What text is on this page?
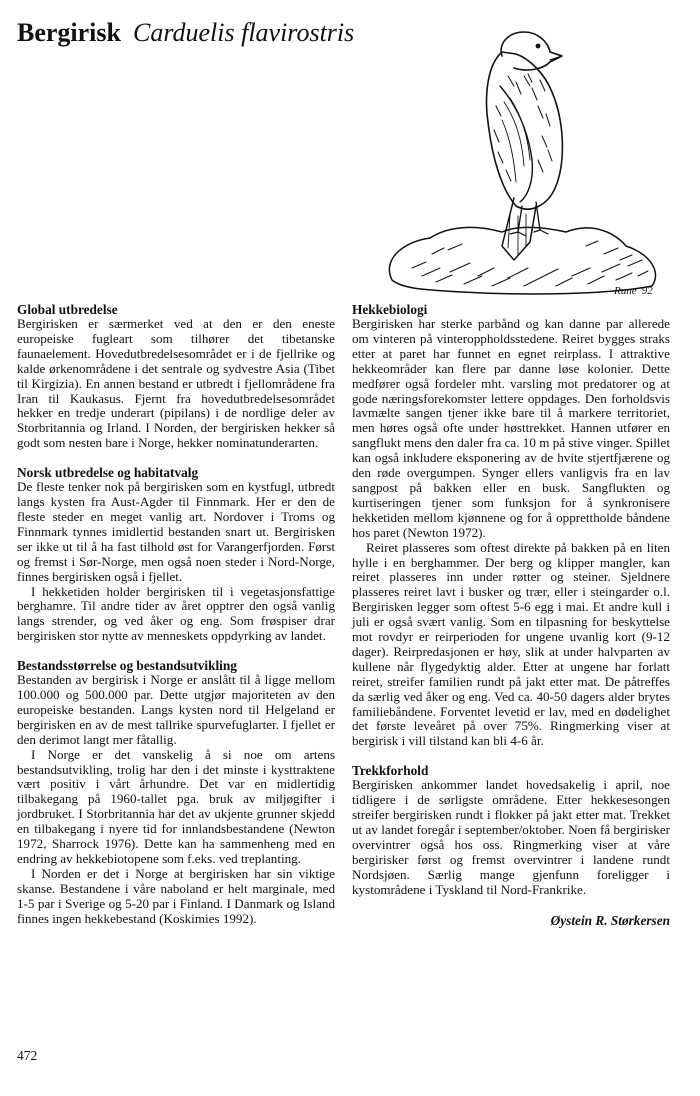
Bergirisk Carduelis flavirostris
Rune '92
Global utbredelse

Bergirisken er særmerket ved at den er den eneste europeiske fugleart som tilhører det tibetanske faunaelement. Hovedutbredelsesområdet er i de fjellrike og kalde ørkenområdene i det sentrale og sydvestre Asia (Tibet til Kirgizia). En annen bestand er utbredt i fjellområdene fra Iran til Kaukasus. Fjernt fra hovedutbredelsesområdet hekker en tredje underart (pipilans) i de nordlige deler av Storbritannia og Irland. I Norden, der bergirisken hekker så godt som nesten bare i Norge, hekker nominatunderarten.

Norsk utbredelse og habitatvalg

De fleste tenker nok på bergirisken som en kystfugl, utbredt langs kysten fra Aust-Agder til Finnmark. Her er den de fleste steder en meget vanlig art. Nordover i Troms og Finnmark tynnes imidlertid bestanden snart ut. Bergirisken ser ikke ut til å ha fast tilhold øst for Varangerfjorden. Først og fremst i Sør-Norge, men også noen steder i Nord-Norge, finnes bergirisken også i fjellet.

I hekketiden holder bergirisken til i vegetasjonsfattige berghamre. Til andre tider av året opptrer den også vanlig langs strender, og ved åker og eng. Som frøspiser drar bergirisken stor nytte av menneskets oppdyrking av landet.

Bestandsstørrelse og bestandsutvikling

Bestanden av bergirisk i Norge er anslått til å ligge mellom 100.000 og 500.000 par. Dette utgjør majoriteten av den europeiske bestanden. Langs kysten nord til Helgeland er bergirisken en av de mest tallrike spurvefuglarter. I fjellet er den derimot langt mer fåtallig.

I Norge er det vanskelig å si noe om artens bestandsutvikling, trolig har den i det minste i kysttraktene vært positiv i vårt århundre. Det var en midlertidig tilbakegang på 1960-tallet pga. bruk av miljøgifter i jordbruket. I Storbritannia har det av ukjente grunner skjedd en tilbakegang i nyere tid for innlandsbestandene (Newton 1972, Sharrock 1976). Dette kan ha sammenheng med en endring av hekkebiotopene som f.eks. ved treplanting.

I Norden er det i Norge at bergirisken har sin viktige skanse. Bestandene i våre naboland er helt marginale, med 1-5 par i Sverige og 5-20 par i Finland. I Danmark og Island finnes ingen hekkebestand (Koskimies 1992).

Hekkebiologi

Bergirisken har sterke parbånd og kan danne par allerede om vinteren på vinteroppholdsstedene. Reiret bygges straks etter at paret har funnet en egnet reirplass. I attraktive hekkeområder kan flere par danne løse kolonier. Dette medfører også fordeler mht. varsling mot predatorer og at gode næringsforekomster lettere oppdages. Den forholdsvis lavmælte sangen tjener ikke bare til å markere territoriet, men høres også ofte under høsttrekket. Hannen utfører en sangflukt mens den daler fra ca. 10 m på stive vinger. Spillet kan også inkludere eksponering av de hvite stjertfjærene og den røde overgumpen. Synger ellers vanligvis fra en lav sangpost på bakken eller en busk. Sangflukten og kurtiseringen tjener som funksjon for å synkronisere hekketiden mellom kjønnene og for å opprettholde båndene hos paret (Newton 1972).

Reiret plasseres som oftest direkte på bakken på en liten hylle i en berghammer. Der berg og klipper mangler, kan reiret plasseres inn under røtter og steiner. Sjeldnere plasseres reiret lavt i busker og trær, eller i steingarder o.l. Bergirisken legger som oftest 5-6 egg i mai. Et andre kull i juli er også svært vanlig. Som en tilpasning for beskyttelse mot rovdyr er reirperioden for ungene uvanlig kort (9-12 dager). Reirpredasjonen er høy, slik at under halvparten av kullene når flygedyktig alder. Etter at ungene har forlatt reiret, streifer familien rundt på jakt etter mat. De påtreffes da særlig ved åker og eng. Ved ca. 40-50 dagers alder brytes familiebåndene. Forventet levetid er lav, med en dødelighet det første leveåret på over 75%. Ringmerking viser at bergirisk i vill tilstand kan bli 4-6 år.

Trekkforhold

Bergirisken ankommer landet hovedsakelig i april, noe tidligere i de sørligste områdene. Etter hekkesesongen streifer bergirisken rundt i flokker på jakt etter mat. Trekket ut av landet foregår i september/oktober. Noen få bergirisker overvintrer også hos oss. Ringmerking viser at våre bergirisker først og fremst overvintrer i landene rundt Nordsjøen. Særlig mange gjenfunn foreligger i kystområdene i Tyskland til Nord-Frankrike.

Øystein R. Størkersen
472
